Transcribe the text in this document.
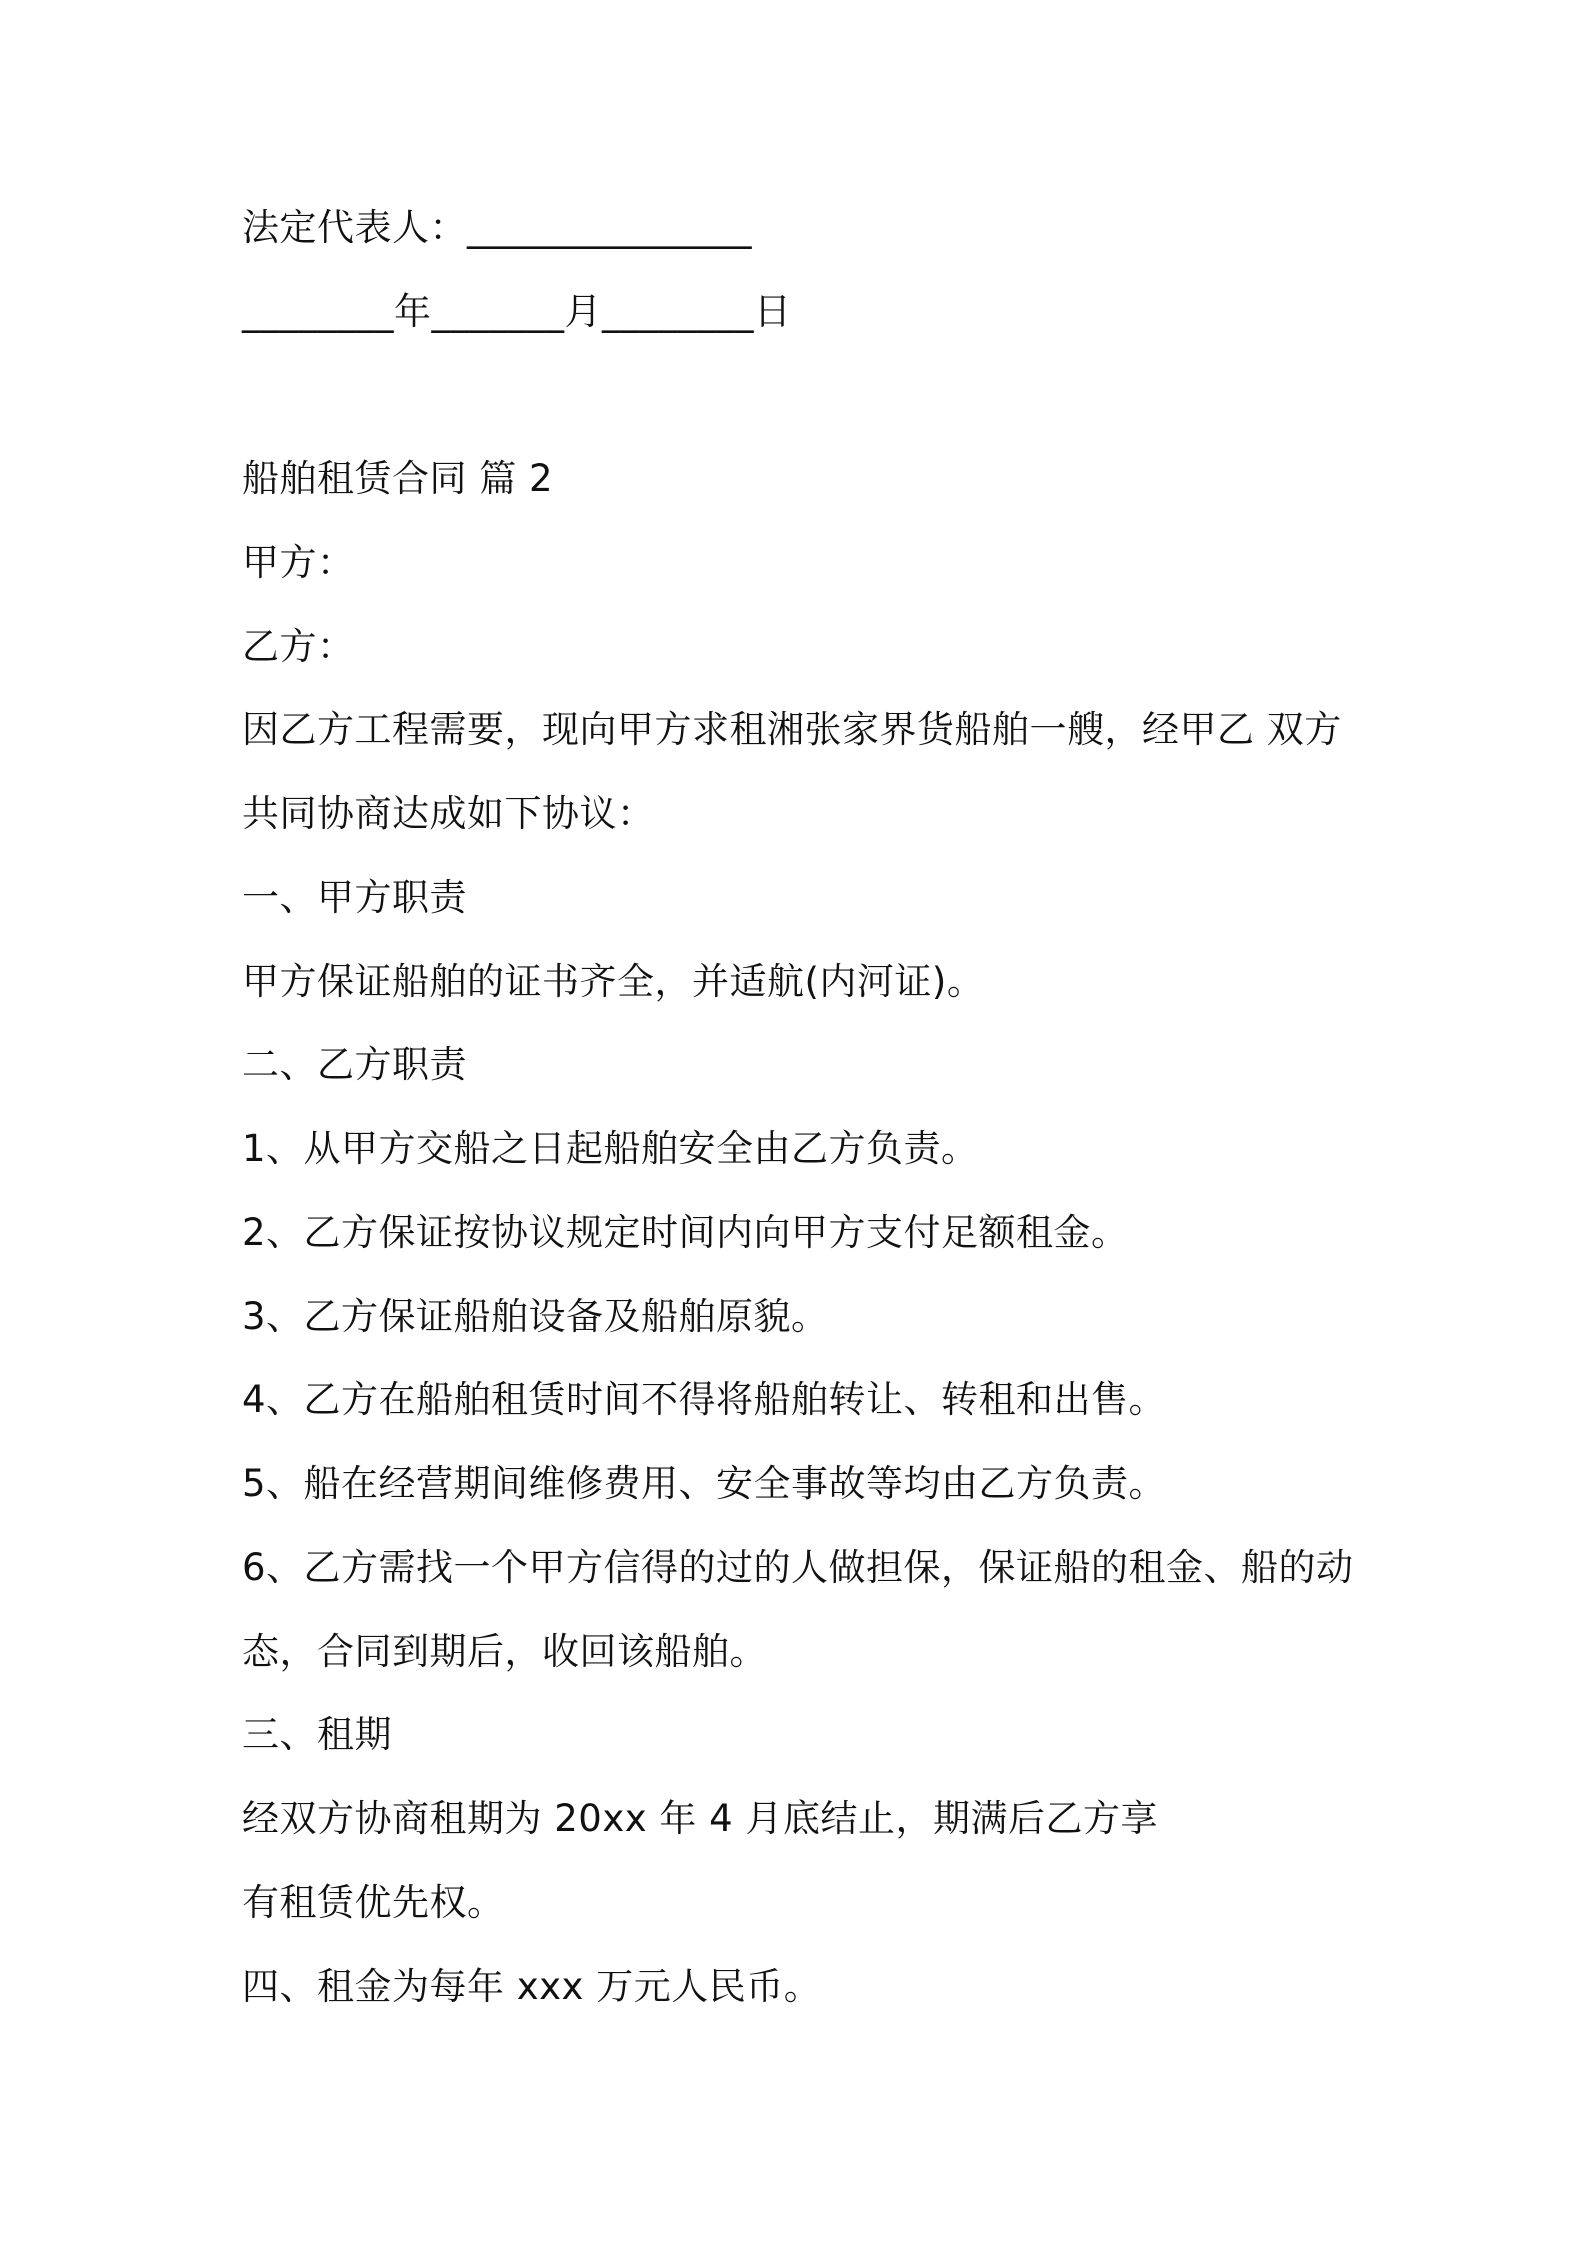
法定代表人：_______________
________年_______月________日
船舶租赁合同 篇 2
甲方：
乙方：
因乙方工程需要，现向甲方求租湘张家界货船舶一艘，经甲乙 双方
共同协商达成如下协议：
一、甲方职责
甲方保证船舶的证书齐全，并适航(内河证)。
二、乙方职责
1、从甲方交船之日起船舶安全由乙方负责。
2、乙方保证按协议规定时间内向甲方支付足额租金。
3、乙方保证船舶设备及船舶原貌。
4、乙方在船舶租赁时间不得将船舶转让、转租和出售。
5、船在经营期间维修费用、安全事故等均由乙方负责。
6、乙方需找一个甲方信得的过的人做担保，保证船的租金、船的动
态，合同到期后，收回该船舶。
三、租期
经双方协商租期为 20xx 年 4 月底结止，期满后乙方享
有租赁优先权。
四、租金为每年 xxx 万元人民币。
